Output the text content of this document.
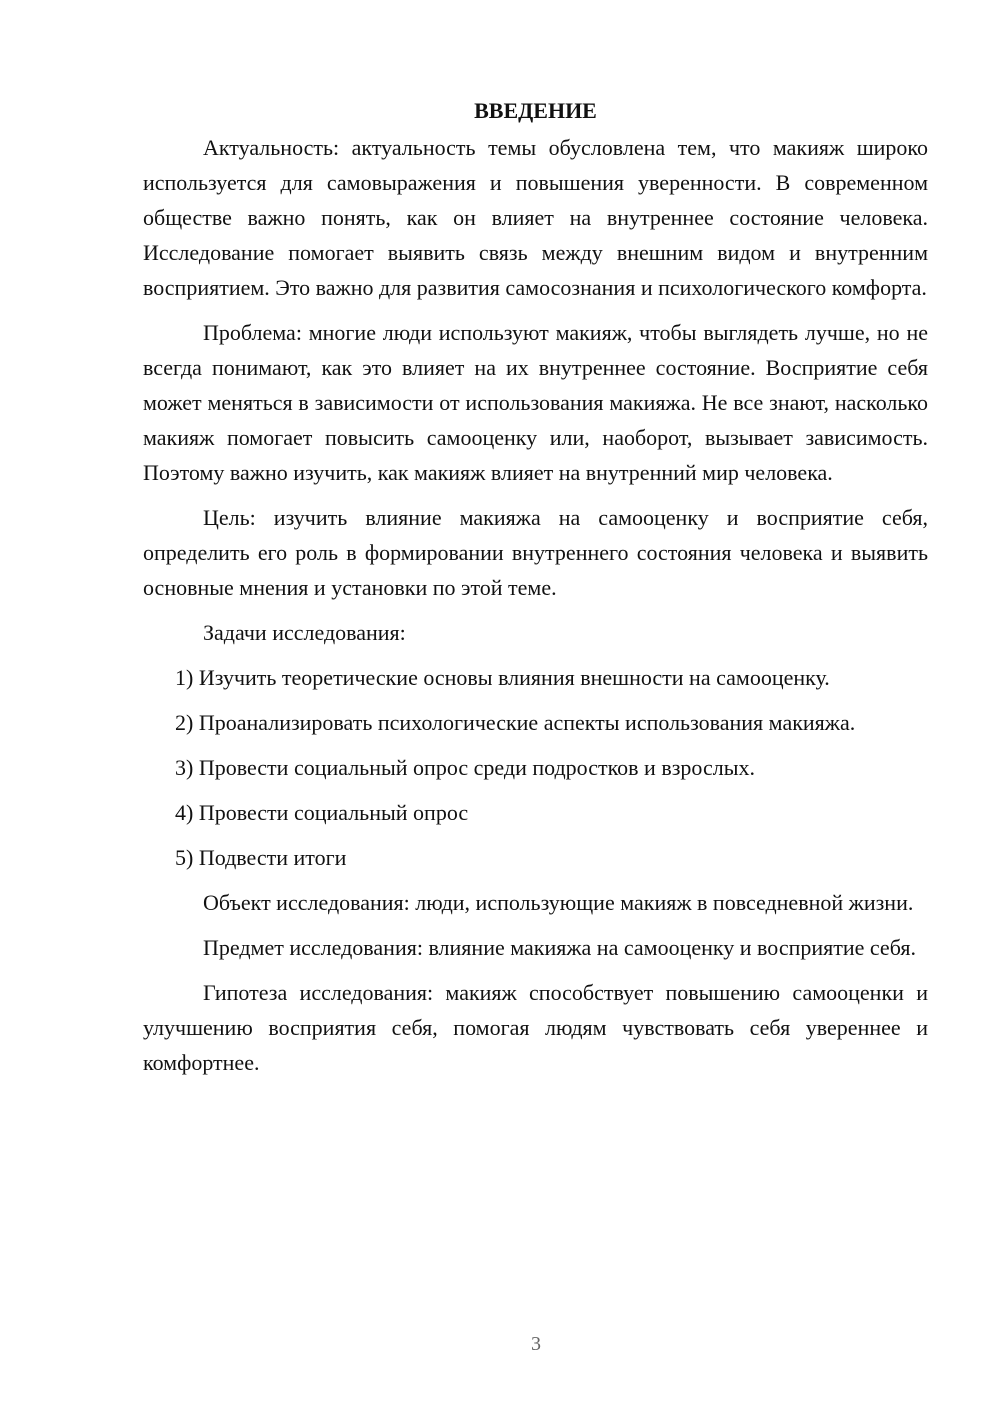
ВВЕДЕНИЕ

Актуальность: актуальность темы обусловлена тем, что макияж широко используется для самовыражения и повышения уверенности. В современном обществе важно понять, как он влияет на внутреннее состояние человека. Исследование помогает выявить связь между внешним видом и внутренним восприятием. Это важно для развития самосознания и психологического комфорта.

Проблема: многие люди используют макияж, чтобы выглядеть лучше, но не всегда понимают, как это влияет на их внутреннее состояние. Восприятие себя может меняться в зависимости от использования макияжа. Не все знают, насколько макияж помогает повысить самооценку или, наоборот, вызывает зависимость. Поэтому важно изучить, как макияж влияет на внутренний мир человека.

Цель: изучить влияние макияжа на самооценку и восприятие себя, определить его роль в формировании внутреннего состояния человека и выявить основные мнения и установки по этой теме.

Задачи исследования:

1) Изучить теоретические основы влияния внешности на самооценку.

2) Проанализировать психологические аспекты использования макияжа.

3) Провести социальный опрос среди подростков и взрослых.

4) Провести социальный опрос

5) Подвести итоги

Объект исследования: люди, использующие макияж в повседневной жизни.

Предмет исследования: влияние макияжа на самооценку и восприятие себя.

Гипотеза исследования: макияж способствует повышению самооценки и улучшению восприятия себя, помогая людям чувствовать себя увереннее и комфортнее.

3
